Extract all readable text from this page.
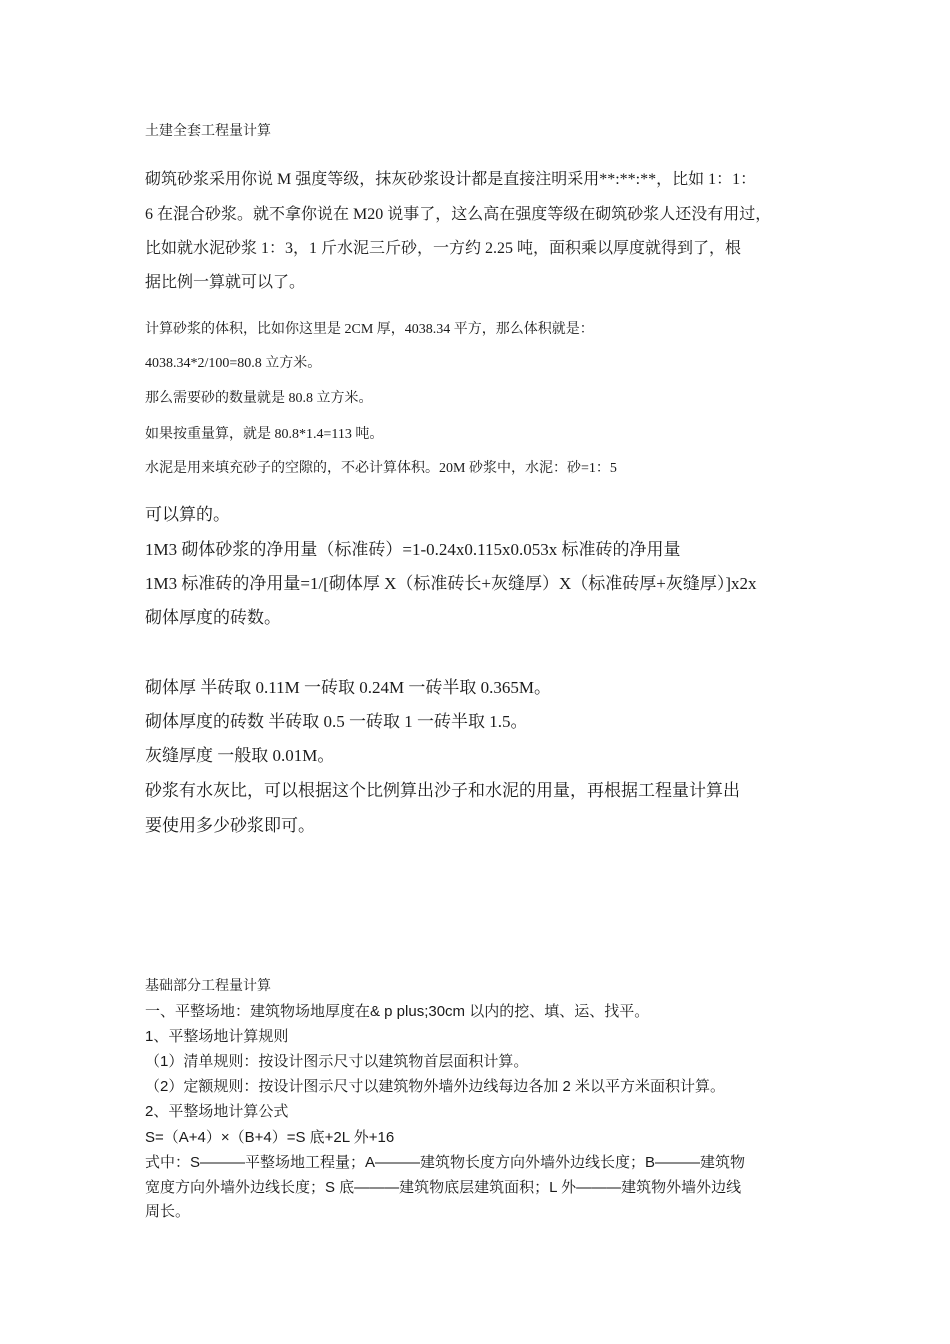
土建全套工程量计算

砌筑砂浆采用你说 M 强度等级，抹灰砂浆设计都是直接注明采用**:**:**，比如 1：1：

6 在混合砂浆。就不拿你说在 M20 说事了，这么高在强度等级在砌筑砂浆人还没有用过，

比如就水泥砂浆 1：3，1 斤水泥三斤砂，一方约 2.25 吨，面积乘以厚度就得到了，根

据比例一算就可以了。

计算砂浆的体积，比如你这里是 2CM 厚，4038.34 平方，那么体积就是：

4038.34*2/100=80.8 立方米。

那么需要砂的数量就是 80.8 立方米。

如果按重量算，就是 80.8*1.4=113 吨。

水泥是用来填充砂子的空隙的，不必计算体积。20M 砂浆中，水泥：砂=1：5

可以算的。

1M3 砌体砂浆的净用量（标准砖）=1-0.24x0.115x0.053x 标准砖的净用量

1M3 标准砖的净用量=1/[砌体厚 X（标准砖长+灰缝厚）X（标准砖厚+灰缝厚）]x2x

砌体厚度的砖数。

砌体厚 半砖取 0.11M 一砖取 0.24M 一砖半取 0.365M。

砌体厚度的砖数 半砖取 0.5 一砖取 1 一砖半取 1.5。

灰缝厚度 一般取 0.01M。

砂浆有水灰比，可以根据这个比例算出沙子和水泥的用量，再根据工程量计算出

要使用多少砂浆即可。

基础部分工程量计算

一、平整场地：建筑物场地厚度在& p plus;30cm 以内的挖、填、运、找平。

1、平整场地计算规则

（1）清单规则：按设计图示尺寸以建筑物首层面积计算。

（2）定额规则：按设计图示尺寸以建筑物外墙外边线每边各加 2 米以平方米面积计算。

2、平整场地计算公式

S=（A+4）×（B+4）=S 底+2L 外+16

式中：S———平整场地工程量；A———建筑物长度方向外墙外边线长度；B———建筑物

宽度方向外墙外边线长度；S 底———建筑物底层建筑面积；L 外———建筑物外墙外边线

周长。
